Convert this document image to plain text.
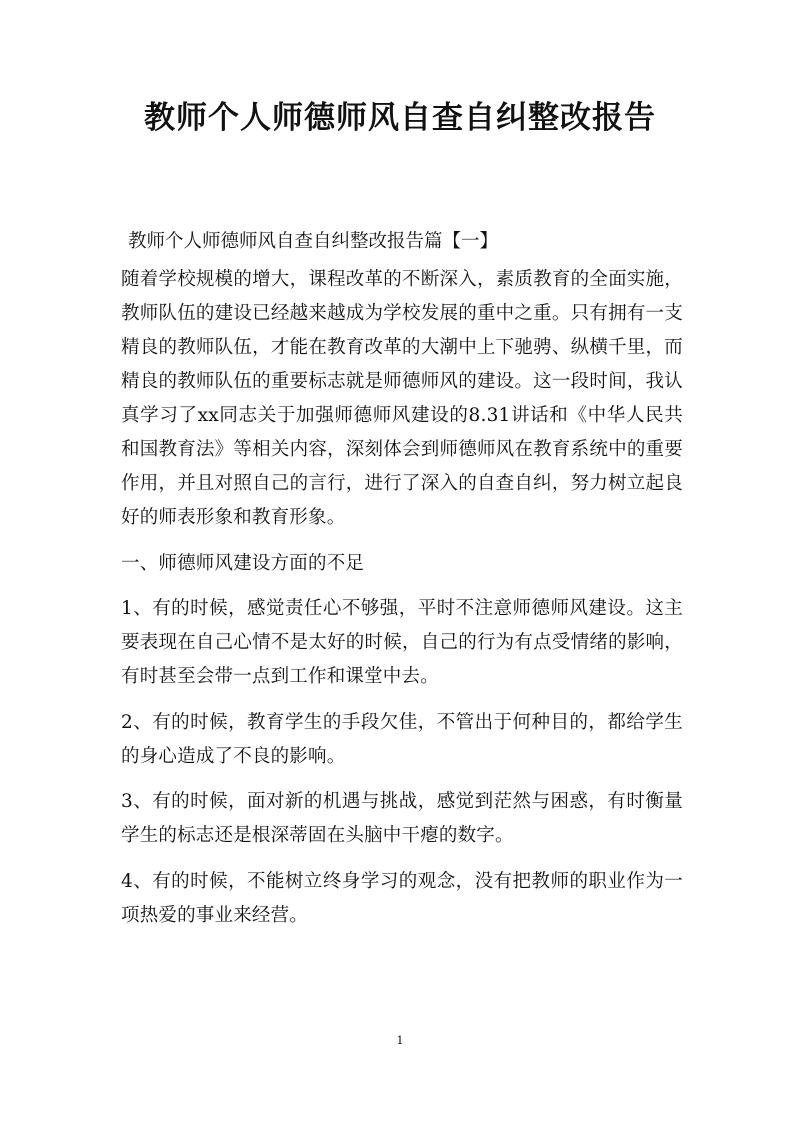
教师个人师德师风自查自纠整改报告

教师个人师德师风自查自纠整改报告篇【一】

随着学校规模的增大，课程改革的不断深入，素质教育的全面实施，教师队伍的建设已经越来越成为学校发展的重中之重。只有拥有一支精良的教师队伍，才能在教育改革的大潮中上下驰骋、纵横千里，而精良的教师队伍的重要标志就是师德师风的建设。这一段时间，我认真学习了xx同志关于加强师德师风建设的8.31讲话和《中华人民共和国教育法》等相关内容，深刻体会到师德师风在教育系统中的重要作用，并且对照自己的言行，进行了深入的自查自纠，努力树立起良好的师表形象和教育形象。

一、师德师风建设方面的不足

1、有的时候，感觉责任心不够强，平时不注意师德师风建设。这主要表现在自己心情不是太好的时候，自己的行为有点受情绪的影响，有时甚至会带一点到工作和课堂中去。

2、有的时候，教育学生的手段欠佳，不管出于何种目的，都给学生的身心造成了不良的影响。

3、有的时候，面对新的机遇与挑战，感觉到茫然与困惑，有时衡量学生的标志还是根深蒂固在头脑中干瘪的数字。

4、有的时候，不能树立终身学习的观念，没有把教师的职业作为一项热爱的事业来经营。

1
